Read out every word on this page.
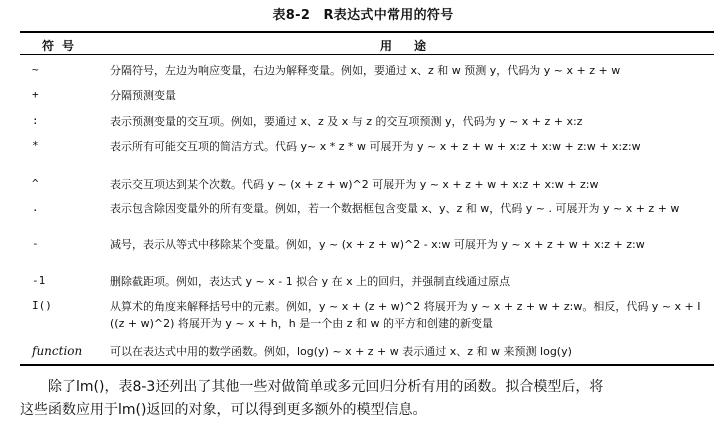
表8-2　R表达式中常用的符号
符号	用途
~	分隔符号，左边为响应变量，右边为解释变量。例如，要通过 x、z 和 w 预测 y，代码为 y ~ x + z + w
+	分隔预测变量
:	表示预测变量的交互项。例如，要通过 x、z 及 x 与 z 的交互项预测 y，代码为 y ~ x + z + x:z
*	表示所有可能交互项的简洁方式。代码 y~ x * z * w 可展开为 y ~ x + z + w + x:z + x:w + z:w + x:z:w
^	表示交互项达到某个次数。代码 y ~ (x + z + w)^2 可展开为 y ~ x + z + w + x:z + x:w + z:w
.	表示包含除因变量外的所有变量。例如，若一个数据框包含变量 x、y、z 和 w，代码 y ~ . 可展开为 y ~ x + z + w
-	减号，表示从等式中移除某个变量。例如，y ~ (x + z + w)^2 - x:w 可展开为 y ~ x + z + w + x:z + z:w
-1	删除截距项。例如，表达式 y ~ x - 1 拟合 y 在 x 上的回归，并强制直线通过原点
I()	从算术的角度来解释括号中的元素。例如，y ~ x + (z + w)^2 将展开为 y ~ x + z + w + z:w。相反，代码 y ~ x + I((z + w)^2) 将展开为 y ~ x + h，h 是一个由 z 和 w 的平方和创建的新变量
function	可以在表达式中用的数学函数。例如，log(y) ~ x + z + w 表示通过 x、z 和 w 来预测 log(y)
除了lm()，表8-3还列出了其他一些对做简单或多元回归分析有用的函数。拟合模型后，将
这些函数应用于lm()返回的对象，可以得到更多额外的模型信息。
